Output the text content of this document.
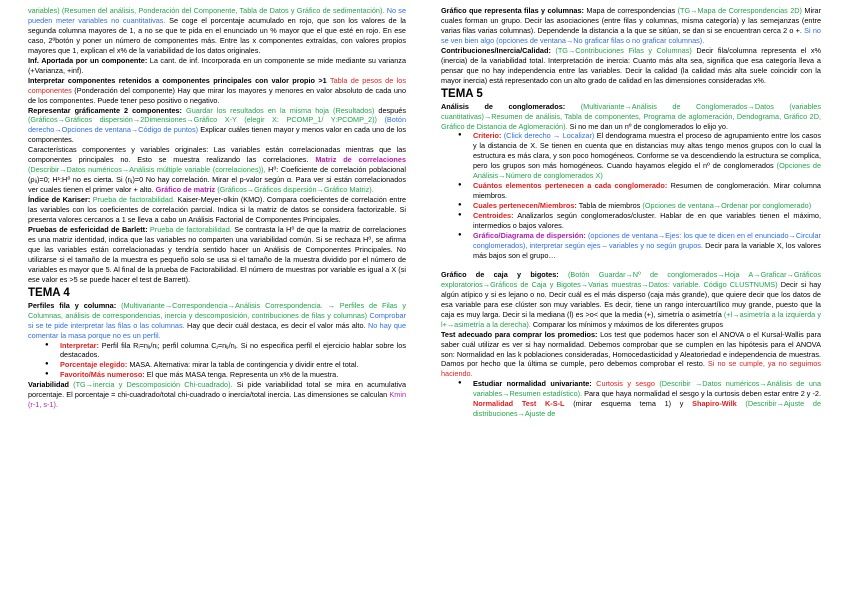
variables) (Resumen del análisis, Ponderación del Componente, Tabla de Datos y Gráfico de sedimentación). No se pueden meter variables no cuantitativas. Se coge el porcentaje acumulado en rojo, que son los valores de la segunda columna mayores de 1, a no se que te pida en el enunciado un % mayor que el que esté en rojo. En ese caso, 2ºbotón y poner un número de componentes más. Entre las x componentes extraídas, con valores propios mayores que 1, explican el x% de la variabilidad de los datos originales.

Inf. Aportada por un componente: La cant. de inf. Incorporada en un componente se mide mediante su varianza (+Varianza, +inf).

Interpretar componentes retenidos a componentes principales con valor propio >1 Tabla de pesos de los componentes (Ponderación del componente) Hay que mirar los mayores y menores en valor absoluto de cada uno de los componentes. Puede tener peso positivo o negativo.

Representar gráficamente 2 componentes: Guardar los resultados en la misma hoja (Resultados) después (Gráficos→Gráficos dispersión→2Dimensiones→Gráfico X-Y (elegir X: PCOMP_1/ Y:PCOMP_2)) (Botón derecho→Opciones de ventana→Código de puntos) Explicar cuáles tienen mayor y menos valor en cada uno de los componentes.

Características componentes y variables originales: Las variables están correlacionadas mientras que las componentes principales no. Esto se muestra realizando las correlaciones. Matriz de correlaciones (Describir→Datos numéricos→Análisis múltiple variable (correlaciones)), H⁰: Coeficiente de correlación poblacional (ρᵢⱼ)=0; H¹:H⁰ no es cierta. Si (rᵢⱼ)=0 No hay correlación. Mirar el p-valor según α. Para ver si están correlacionados ver cuales tienen el primer valor + alto. Gráfico de matriz (Gráficos→Gráficos dispersión→Gráfico Matriz).

Índice de Kariser: Prueba de factorabilidad. Kaiser-Meyer-olkin (KMO). Compara coeficientes de correlación entre las variables con los coeficientes de correlación parcial. Indica si la matriz de datos se considera factorizable. Si presenta valores cercanos a 1 se lleva a cabo un Análisis Factorial de Componentes Principales.

Pruebas de esfericidad de Barlett: Prueba de factorabilidad. Se contrasta la H⁰ de que la matriz de correlaciones es una matriz identidad, indica que las variables no comparten una variabilidad común. Si se rechaza H⁰, se afirma que las variables están correlacionadas y tendría sentido hacer un Análisis de Componentes Principales. No utilizarse si el tamaño de la muestra es pequeño solo se usa si el tamaño de la muestra dividido por el número de variables es mayor que 5. Al final de la prueba de Factorabilidad. El número de muestras por variable es igual a X (si ese valor es >5 se puede hacer el test de Barrett).

TEMA 4

Perfiles fila y columna: (Multivariante→Correspondencia→Análisis Correspondencia. → Perfiles de Filas y Columnas, análisis de correspondencias, inercia y descomposición, contribuciones de filas y columnas) Comprobar si se te pide interpretar las filas o las columnas. Hay que decir cuál destaca, es decir el valor más alto. No hay que comentar la masa porque no es un perfil.

● Interpretar: Perfil fila Rᵢ=nᵢⱼ/nᵢ; perfil columna Cⱼ=nᵢⱼ/nⱼ. Si no especifica perfil el ejercicio hablar sobre los destacados.
● Porcentaje elegido: MASA. Alternativa: mirar la tabla de contingencia y dividir entre el total.
● Favorito/Más numeroso: El que más MASA tenga. Representa un x% de la muestra.

Variabilidad (TG→inercia y Descomposición Chi-cuadrado). Si pide variabilidad total se mira en acumulativa porcentaje. El porcentaje = chi-cuadrado/total chi-cuadrado o inercia/total inercia. Las dimensiones se calculan Kmin (r-1, s-1).

Gráfico que representa filas y columnas: Mapa de correspondencias (TG→Mapa de Correspondencias 2D) Mirar cuales forman un grupo. Decir las asociaciones (entre filas y columnas, misma categoría) y las semejanzas (entre varias filas varias columnas). Dependende la distancia a la que se sitúan, se dan si se encuentran cerca 2 o +. Si no se ven bien algo (opciones de ventana→No graficar filas o no graficar columnas).

Contribuciones/Inercia/Calidad: (TG→Contribuciones Filas y Columnas) Decir fila/columna representa el x% (inercia) de la variabilidad total. Interpretación de inercia: Cuanto más alta sea, significa que esa categoría lleva a pensar que no hay independencia entre las variables. Decir la calidad (la calidad más alta suele coincidir con la mayor inercia) está representado con un alto grado de calidad en las dimensiones consideradas x%.

TEMA 5

Análisis de conglomerados: (Multivariante→Análisis de Conglomerados→Datos (variables cuantitativas)→Resumen de análisis, Tabla de componentes, Programa de aglomeración, Dendograma, Gráfico 2D, Gráfico de Distancia de Aglomeración). Si no me dan un nº de conglomerados lo elijo yo.

● Criterio: (Click derecho → Localizar) El dendograma muestra el proceso de agrupamiento entre los casos y la distancia de X. Se tienen en cuenta que en distancias muy altas tengo menos grupos con lo cual la estructura es más clara, y son poco homogéneos. Conforme se va descendiendo la estructura se complica, pero los grupos son más homogéneos. Cuando hayamos elegido el nº de conglomerados (Opciones de Análisis→Número de conglomerados X)
● Cuántos elementos pertenecen a cada conglomerado: Resumen de conglomeración. Mirar columna miembros.
● Cuales pertenecen/Miembros: Tabla de miembros (Opciones de ventana→Ordenar por conglomerado)
● Centroides: Analizarlos según conglomerados/cluster. Hablar de en que variables tienen el máximo, intermedios o bajos valores.
● Gráfico/Diagrama de dispersión: (opciones de ventana→Ejes: los que te dicen en el enunciado→Circular conglomerados), interpretar según ejes – variables y no según grupos. Decir para la variable X, los valores más bajos son el grupo…

Gráfico de caja y bigotes: (Botón Guardar→Nº de conglomerados→Hoja A→Graficar→Gráficos exploratorios→Gráficos de Caja y Bigotes→Varias muestras→Datos: variable. Código CLUSTNUMS) Decir si hay algún atípico y si es lejano o no. Decir cuál es el más disperso (caja más grande), que quiere decir que los datos de esa variable para ese clúster son muy variables. Es decir, tiene un rango intercuartílico muy grande, puesto que la caja es muy larga. Decir si la mediana (l) es >o< que la media (+), simetría o asimetría (+l→asimetría a la izquierda y l+→asimetría a la derecha). Comparar los mínimos y máximos de los diferentes grupos

Test adecuado para comprar los promedios: Los test que podemos hacer son el ANOVA o el Kursal-Wallis para saber cuál utilizar es ver si hay normalidad. Debemos comprobar que se cumplen en las hipótesis para el ANOVA son: Normalidad en las k poblaciones consideradas, Homocedasticidad y Aleatoriedad e independencia de muestras. Damos por hecho que la última se cumple, pero debemos comprobar el resto. Si no se cumple, ya no seguimos haciendo.

● Estudiar normalidad univariante: Curtosis y sesgo (Describir →Datos numéricos→Análisis de una variables→Resumen estadístico). Para que haya normalidad el sesgo y la curtosis deben estar entre 2 y -2. Normalidad Test K-S-L (mirar esquema tema 1) y Shapiro-Wilk (Describir→Ajuste de distribuciones→Ajuste de
